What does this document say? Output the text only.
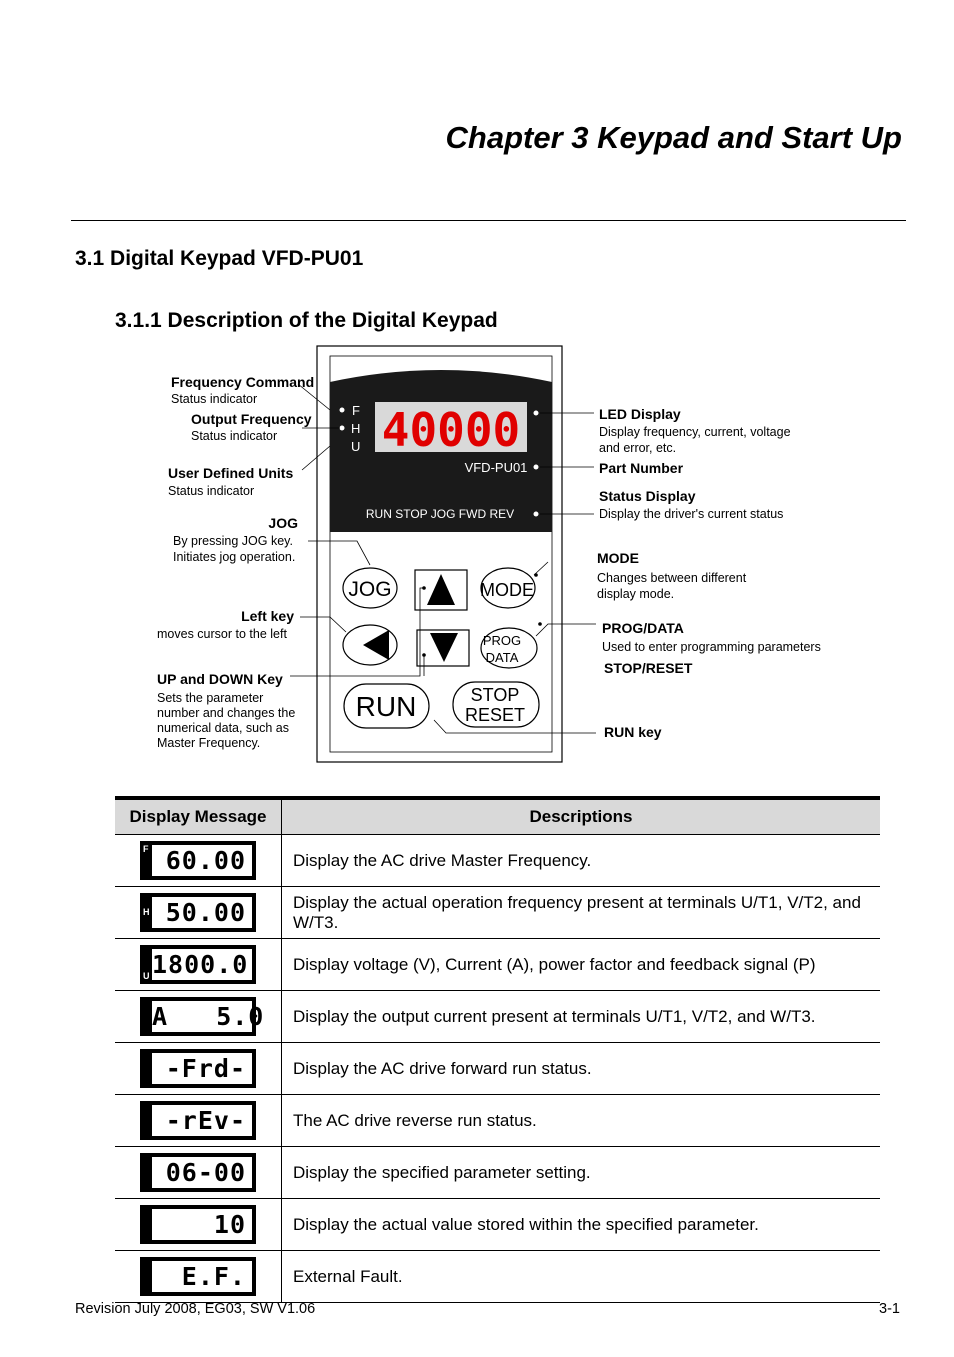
Chapter 3 Keypad and Start Up
3.1 Digital Keypad VFD-PU01
3.1.1 Description of the Digital Keypad
40000
F
H
U
VFD-PU01
RUN STOP JOG FWD REV
JOG	MODE
PROG
DATA
RUN	STOP
RESET
Frequency Command
Status indicator
Output Frequency
Status indicator
User Defined Units
Status indicator
JOG
By pressing JOG key.
Initiates jog operation.
Left key
moves cursor to the left
UP and DOWN Key
Sets the parameter
number and changes the
numerical data, such as
Master Frequency.
LED Display
Display frequency, current, voltage
and error, etc.
Part Number
Status Display
Display the driver's current status
MODE
Changes between different
display mode.
PROG/DATA
Used to enter programming parameters
STOP/RESET
RUN key
Display Message	Descriptions

F 60.00	Display the AC drive Master Frequency.

H 50.00	Display the actual operation frequency present at terminals U/T1, V/T2, and W/T3.

U 1800.0	Display voltage (V), Current (A), power factor and feedback signal (P)

A   5.0	Display the output current present at terminals U/T1, V/T2, and W/T3.

-Frd-	Display the AC drive forward run status.

-rEv-	The AC drive reverse run status.

06-00	Display the specified parameter setting.

10	Display the actual value stored within the specified parameter.

E.F.	External Fault.
Revision July 2008, EG03, SW V1.06	3-1
